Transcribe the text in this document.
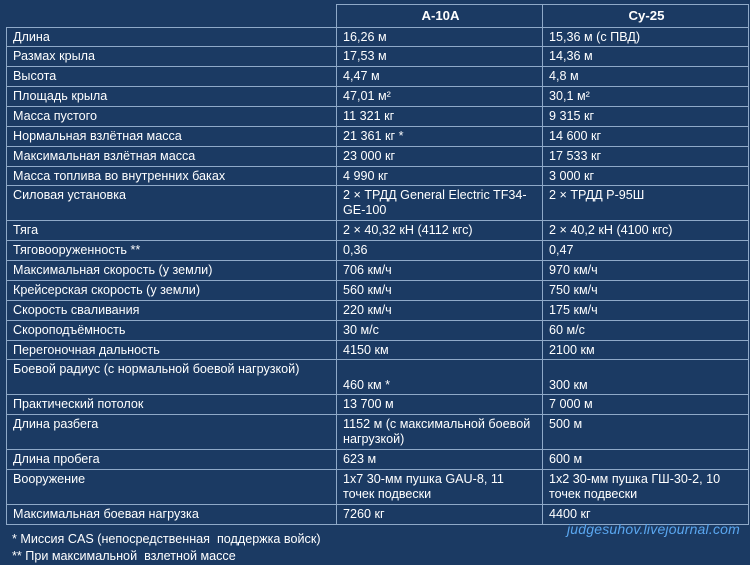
	A-10A	Су-25
Длина	16,26 м	15,36 м (с ПВД)
Размах крыла	17,53 м	14,36 м
Высота	4,47 м	4,8 м
Площадь крыла	47,01 м²	30,1 м²
Масса пустого	11 321 кг	9 315 кг
Нормальная взлётная масса	21 361 кг *	14 600 кг
Максимальная взлётная масса	23 000 кг	17 533 кг
Масса топлива во внутренних баках	4 990 кг	3 000 кг
Силовая установка	2 × ТРДД General Electric TF34-GE-100	2 × ТРДД Р-95Ш
Тяга	2 × 40,32 кН (4112 кгс)	2 × 40,2 кН (4100 кгс)
Тяговооруженность **	0,36	0,47
Максимальная скорость (у земли)	706 км/ч	970 км/ч
Крейсерская скорость (у земли)	560 км/ч	750 км/ч
Скорость сваливания	220 км/ч	175 км/ч
Скороподъёмность	30 м/с	60 м/с
Перегоночная дальность	4150 км	2100 км
Боевой радиус (с нормальной боевой нагрузкой)	460 км *	300 км
Практический потолок	13 700 м	7 000 м
Длина разбега	1152 м (с максимальной боевой нагрузкой)	500 м
Длина пробега	623 м	600 м
Вооружение	1х7 30-мм пушка GAU-8, 11 точек подвески	1х2 30-мм пушка ГШ-30-2, 10 точек подвески
Максимальная боевая нагрузка	7260 кг	4400 кг
* Миссия CAS (непосредственная  поддержка войск)
** При максимальной  взлетной массе
judgesuhov.livejournal.com
